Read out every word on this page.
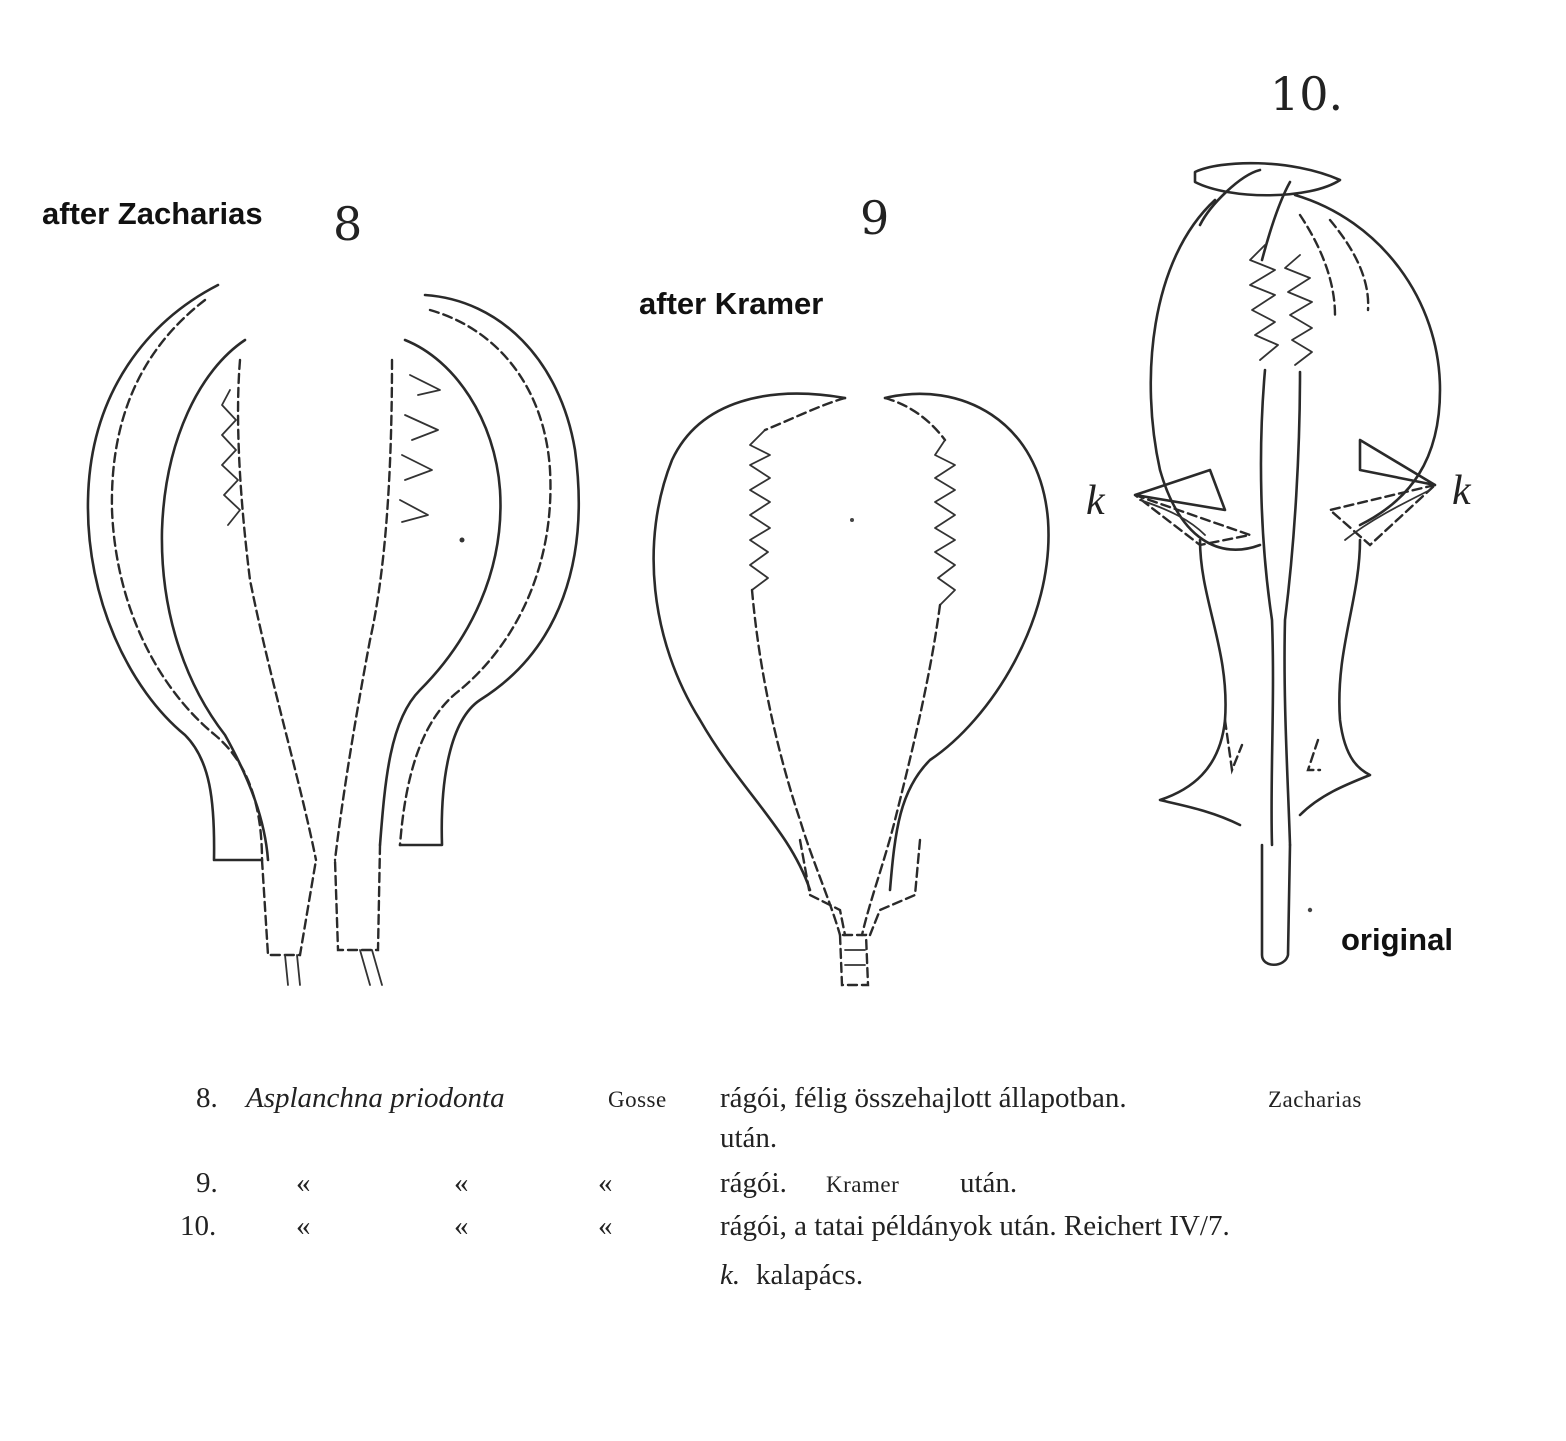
after Zacharias
after Kramer
original
8	9
10.
k	k
8. Asplanchna priodonta	Gosse rágói, félig összehajlott állapotban.	Zacharias
után.
9.	«	«	«	rágói. Kramer után.
10.	«	«	«	rágói, a tatai példányok után. Reichert IV/7.
k. kalapács.
